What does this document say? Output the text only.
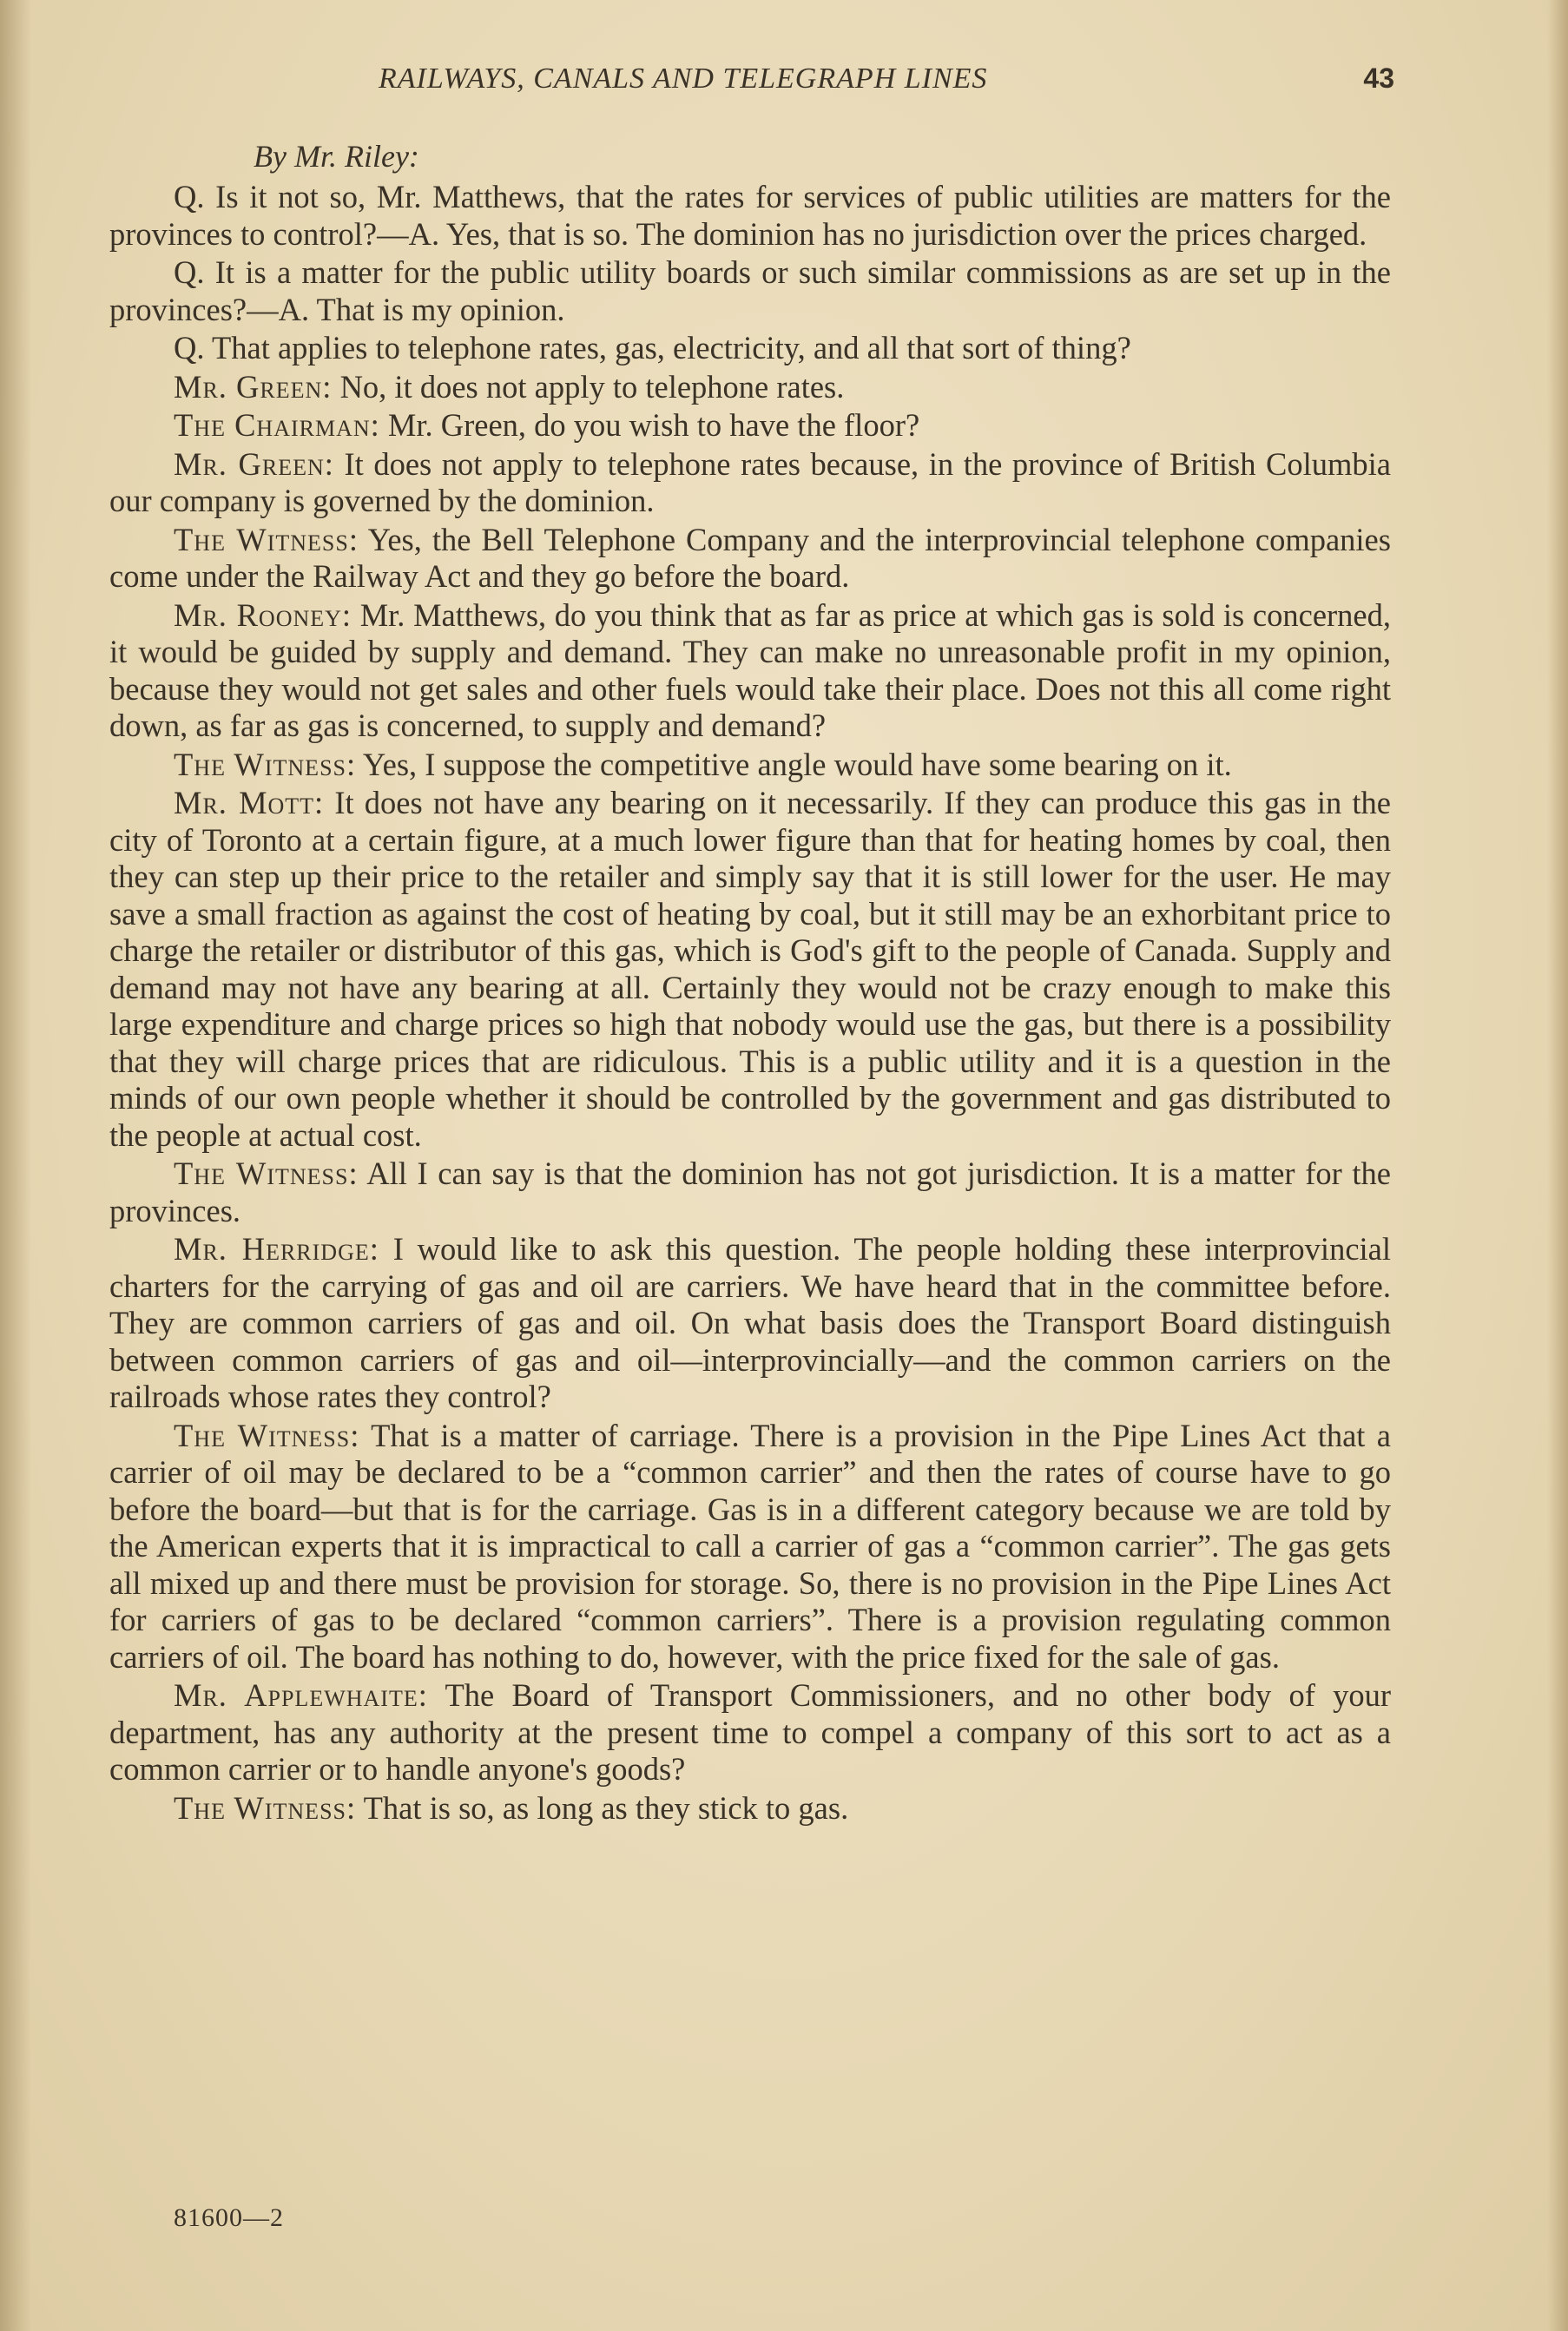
RAILWAYS, CANALS AND TELEGRAPH LINES	43

By Mr. Riley:

Q. Is it not so, Mr. Matthews, that the rates for services of public utilities are matters for the provinces to control?—A. Yes, that is so. The dominion has no jurisdiction over the prices charged.

Q. It is a matter for the public utility boards or such similar commissions as are set up in the provinces?—A. That is my opinion.

Q. That applies to telephone rates, gas, electricity, and all that sort of thing?

Mr. Green: No, it does not apply to telephone rates.

The Chairman: Mr. Green, do you wish to have the floor?

Mr. Green: It does not apply to telephone rates because, in the province of British Columbia our company is governed by the dominion.

The Witness: Yes, the Bell Telephone Company and the interprovincial telephone companies come under the Railway Act and they go before the board.

Mr. Rooney: Mr. Matthews, do you think that as far as price at which gas is sold is concerned, it would be guided by supply and demand. They can make no unreasonable profit in my opinion, because they would not get sales and other fuels would take their place. Does not this all come right down, as far as gas is concerned, to supply and demand?

The Witness: Yes, I suppose the competitive angle would have some bearing on it.

Mr. Mott: It does not have any bearing on it necessarily. If they can produce this gas in the city of Toronto at a certain figure, at a much lower figure than that for heating homes by coal, then they can step up their price to the retailer and simply say that it is still lower for the user. He may save a small fraction as against the cost of heating by coal, but it still may be an exhorbitant price to charge the retailer or distributor of this gas, which is God's gift to the people of Canada. Supply and demand may not have any bearing at all. Certainly they would not be crazy enough to make this large expenditure and charge prices so high that nobody would use the gas, but there is a possibility that they will charge prices that are ridiculous. This is a public utility and it is a question in the minds of our own people whether it should be controlled by the government and gas distributed to the people at actual cost.

The Witness: All I can say is that the dominion has not got jurisdiction. It is a matter for the provinces.

Mr. Herridge: I would like to ask this question. The people holding these interprovincial charters for the carrying of gas and oil are carriers. We have heard that in the committee before. They are common carriers of gas and oil. On what basis does the Transport Board distinguish between common carriers of gas and oil—interprovincially—and the common carriers on the railroads whose rates they control?

The Witness: That is a matter of carriage. There is a provision in the Pipe Lines Act that a carrier of oil may be declared to be a “common carrier” and then the rates of course have to go before the board—but that is for the carriage. Gas is in a different category because we are told by the American experts that it is impractical to call a carrier of gas a “common carrier”. The gas gets all mixed up and there must be provision for storage. So, there is no provision in the Pipe Lines Act for carriers of gas to be declared “common carriers”. There is a provision regulating common carriers of oil. The board has nothing to do, however, with the price fixed for the sale of gas.

Mr. Applewhaite: The Board of Transport Commissioners, and no other body of your department, has any authority at the present time to compel a company of this sort to act as a common carrier or to handle anyone's goods?

The Witness: That is so, as long as they stick to gas.

81600—2
